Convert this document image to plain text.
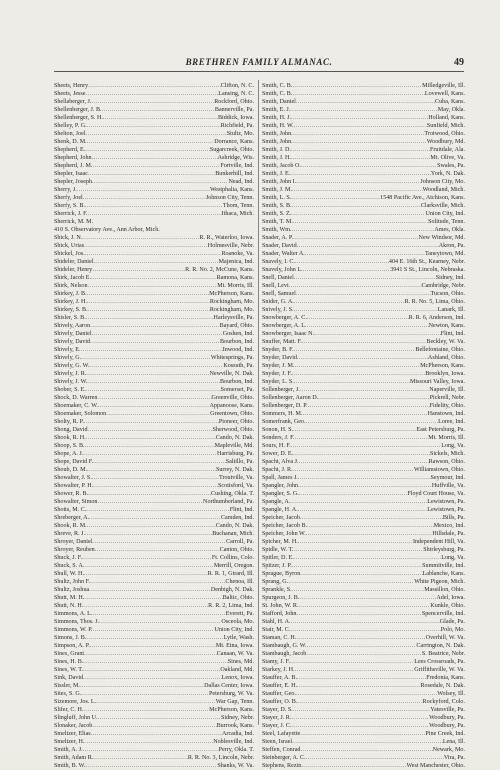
BRETHREN FAMILY ALMANAC.	49
Sheets, Henry .....	Clifton, N. C.
Sheets, Jesse .....	Lansing, N. C.
Shellaberger, J. .....	Rockford, Ohio.
Shellenberger, J. B. .....	Bannerville, Pa.
Shellenberger, S. H. .....	Biddick, Iowa.
Shelley, P. G. .....	Richfield, Pa.
Shelton, Joel .....	Stultz, Mo.
Shenk, D. M. .....	Dorrance, Kans.
Shepherd, E. .....	Sugarcreek, Ohio.
Shepherd, John .....	Ashridge, Wis.
Shepherd, J. M. .....	Fortville, Ind.
Shepler, Isaac .....	Bunkerhill, Ind.
Shepler, Joseph .....	Nead, Ind.
Sherry, J. .....	Westphalia, Kans.
Sherfy, Joel .....	Johnson City, Tenn.
Sherfy, S. B. .....	Thom, Tenn.
Sherrick, J. F. .....	Ithaca, Mich.
Sherrick, M. M.
410 S. Observatory Ave., Ann Arbor, Mich.
Shick, J. N. .....	R. R., Waterloo, Iowa.
Shick, Urias .....	Holmesville, Nebr.
Shickel, Jos. .....	Roanoke, Va.
Shideler, Daniel .....	Majenica, Ind.
Shideler, Henry .....	R. R. No. 2, McCune, Kans.
Shirk, Jacob E. .....	Ramona, Kans.
Shirk, Nelson .....	Mt. Morris, Ill.
Shirkey, J. B. .....	McPherson, Kans.
Shirkey, J. H. .....	Rockingham, Mo.
Shirkey, S. B. .....	Rockingham, Mo.
Shisler, S. B. .....	Harleysville, Pa.
Shively, Aaron .....	Bayard, Ohio.
Shively, Daniel .....	Goshen, Ind.
Shively, David .....	Bourbon, Ind.
Shively, E. .....	Inwood, Ind.
Shively, G. .....	Whitesprings, Pa.
Shively, G. W. .....	Kossuth, Pa.
Shively, J. R. .....	Newville, N. Dak.
Shively, J. W. .....	Bourbon, Ind.
Shober, S. E. .....	Somerset, Pa.
Shock, D. Warren .....	Greenville, Ohio.
Shoemaker, C. W. .....	Appanoose, Kans.
Shoemaker, Solomon .....	Greentown, Ohio.
Sholty, R. P. .....	Pioneer, Ohio.
Shong, David .....	Sherwood, Ohio.
Shook, R. H. .....	Cando, N. Dak.
Shoop, S. B. .....	Mapleville, Md.
Shope, A. J. .....	Harrisburg, Pa.
Shope, David F. .....	Saltillo, Pa.
Shoub, D. M. .....	Surrey, N. Dak.
Showalter, J. S. .....	Troutville, Va.
Showalter, P. H. .....	Scottsford, Va.
Shower, R. B. .....	Cushing, Okla. T.
Showalter, Simon .....	Northumberland, Pa.
Shotts, M. C. .....	Flint, Ind.
Shreberger, A. .....	Camden, Ind.
Shook, R. M. .....	Cando, N. Dak.
Shreve, R. J. .....	Buchanan, Mich.
Shroyer, Daniel .....	Carroll, Pa.
Shroyer, Reuben .....	Canton, Ohio.
Shuck, J. F. .....	Ft. Collins, Colo.
Shuck, S. A. .....	Merrill, Oregon.
Shull, W. H. .....	R. R. 1, Girard, Ill.
Shultz, John F. .....	Chenoa, Ill.
Shultz, Joshua .....	Denbigh, N. Dak.
Shutt, M. H. .....	Baltic, Ohio.
Shutt, N. H. .....	R. R. 2, Lima, Ind.
Simmons, A. L. .....	Everett, Pa.
Simmons, Thos. J. .....	Osceola, Mo.
Simmons, W. P. .....	Union City, Ind.
Simons, J. B. .....	Lytle, Wash.
Simpson, A. P. .....	Mt. Etna, Iowa.
Sines, Grant .....	Canaan, W. Va.
Sines, H. B. .....	Sines, Md.
Sines, W. T. .....	Oakland, Md.
Sink, David .....	Lenox, Iowa.
Sissler, M. .....	Dallas Center, Iowa.
Sites, S. G. .....	Petersburg, W. Va.
Sizemore, Jos. L. .....	War Gap, Tenn.
Slifer, C. H. .....	McPherson, Kans.
Slingluff, John U. .....	Sidney, Nebr.
Slonaker, Jacob .....	Burrook, Kans.
Smeltzer, Elias .....	Arcadia, Ind.
Smeltzer, H. .....	Noblesville, Ind.
Smith, A. J. .....	Perry, Okla. T.
Smith, Adam R. .....	R. R. No. 3, Lincoln, Nebr.
Smith, B. W. .....	Shanks, W. Va.
Smith, C. B. .....	Milledgeville, Ill.
Smith, C. B. .....	Lovewell, Kans.
Smith, Daniel .....	Cuba, Kans.
Smith, E. J. .....	May, Okla.
Smith, H. J. .....	Holland, Kans.
Smith, H. W. .....	Sunfield, Mich.
Smith, John .....	Trotwood, Ohio.
Smith, John .....	Woodbury, Md.
Smith, J. D. .....	Fruitdale, Ala.
Smith, J. H. .....	Mt. Olive, Va.
Smith, Jacob O. .....	Swales, Pa.
Smith, J. E. .....	York, N. Dak.
Smith, John I. .....	Johnson City, Mo.
Smith, J. M. .....	Woodland, Mich.
Smith, L. S. .....	1548 Pacific Ave., Atchison, Kans.
Smith, S. B. .....	Clarksville, Mich.
Smith, S. Z. .....	Union City, Ind.
Smith, T. M. .....	Solitude, Tenn.
Smith, Wm. .....	Ames, Okla.
Snader, A. P. .....	New Windsor, Md.
Snader, David .....	Akron, Pa.
Snader, Walter A. .....	Taneytown, Md.
Snavely, I. C. .....	404 E. 16th St., Kearney, Nebr.
Snavely, John L. .....	3941 S St., Lincoln, Nebraska.
Snell, Daniel .....	Sidney, Ind.
Snell, Levi .....	Cambridge, Nebr.
Snell, Samuel .....	Tucson, Ohio.
Snider, G. A. .....	R. R. No. 5, Lima, Ohio.
Snively, J. S. .....	Lanark, Ill.
Snowberger, A. C. .....	R. R. 6, Anderson, Ind.
Snowberger, A. L. .....	Newton, Kans.
Snowberger, Isaac N. .....	Flint, Ind.
Snuffer, Matt. F. .....	Beckley, W. Va.
Snyder, B. F. .....	Bellefontaine, Ohio.
Snyder, David .....	Ashland, Ohio.
Snyder, J. M. .....	McPherson, Kans.
Snyder, J. F. .....	Brooklyn, Iowa.
Snyder, L. S. .....	Missouri Valley, Iowa.
Sollenberger, J. .....	Naperville, Ill.
Sollenberger, Aaron D. .....	Pickrell, Nebr.
Sollenberger, D. P. .....	Fidelity, Ohio.
Sommers, H. M. .....	Hanstown, Ind.
Somerfrank, Geo. .....	Loree, Ind.
Sonon, H. S. .....	East Petersburg, Pa.
Sonders, J. F. .....	Mt. Morris, Ill.
Sours, H. F. .....	Long, Va.
Sower, D. E. .....	Sickels, Mich.
Spacht, Alva J. .....	Rawson, Ohio.
Spacht, J. R. .....	Williamstown, Ohio.
Spall, James J. .....	Seymour, Ind.
Spangler, John .....	Huffville, Va.
Spangler, S. G. .....	Floyd Court House, Va.
Spangle, A. .....	Lewistown, Pa.
Spangle, H. A. .....	Lewistown, Pa.
Speicher, Jacob .....	Bills, Pa.
Speicher, Jacob B. .....	Mexico, Ind.
Speicher, John W. .....	Hillsdale, Pa.
Spicher, M. H. .....	Independent Hill, Va.
Spidle, W. T. .....	Shirleysburg, Pa.
Spitler, D. E. .....	Long, Va.
Spitzer, J. P. .....	Summitville, Ind.
Sprague, Byron .....	Lablanche, Kans.
Sprang, G. .....	White Pigeon, Mich.
Sprankle, S. .....	Massillon, Ohio.
Spurgeon, J. B. .....	Adel, Iowa.
St. John, W. R. .....	Kunkle, Ohio.
Stafford, John .....	Spencerville, Ind.
Stahl, H. A. .....	Glade, Pa.
Stair, M. C. .....	Polo, Mo.
Staman, C. H. .....	Overhill, W. Va.
Stambaugh, G. W. .....	Carrington, N. Dak.
Stambaugh, Jacob .....	S. Beatrice, Nebr.
Stamy, J. F. .....	Lees Crossroads, Pa.
Starkey, J. H. .....	Griffithsville, W. Va.
Stauffer, A. B. .....	Fredonia, Kans.
Stauffer, E. H. .....	Rosedale, N. Dak.
Stauffer, Geo. .....	Wolsey, Ill.
Stauffer, O. B. .....	Rockyford, Colo.
Stayer, D. S. .....	Yatesville, Pa.
Stayer, J. R. .....	Woodbury, Pa.
Stayer, J. C. .....	Woodbury, Pa.
Steel, Lafayette .....	Pine Creek, Ind.
Steen, Israel .....	Lena, Ill.
Steffen, Conrad .....	Newark, Mo.
Steinberger, A. C. .....	Vira, Pa.
Stephens, Rezin .....	West Manchester, Ohio.
